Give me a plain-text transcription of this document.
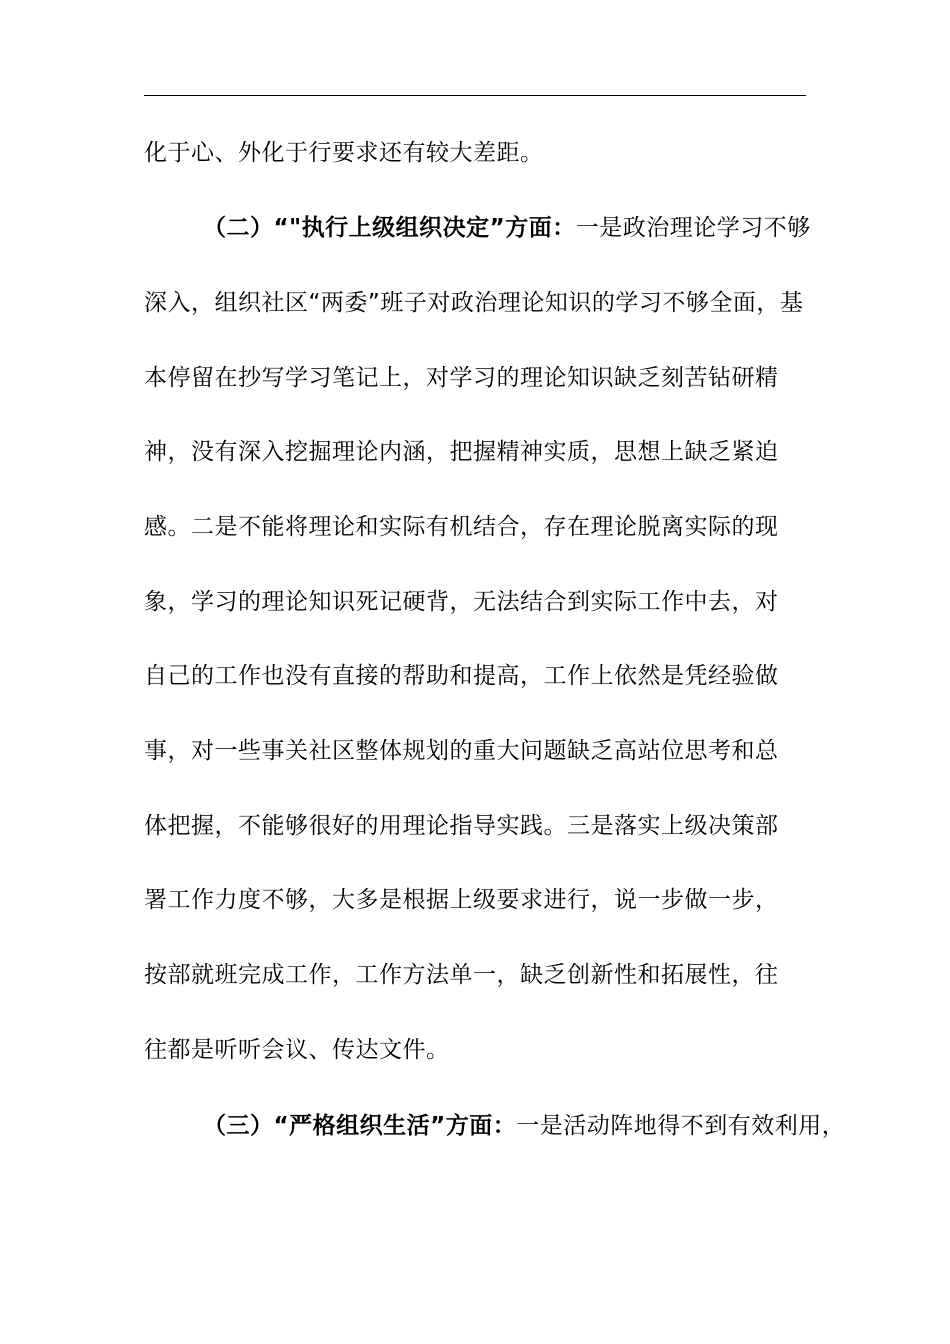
化于心、外化于行要求还有较大差距。
（二）“"执行上级组织决定”方面：一是政治理论学习不够
深入，组织社区“两委”班子对政治理论知识的学习不够全面，基
本停留在抄写学习笔记上，对学习的理论知识缺乏刻苦钻研精
神，没有深入挖掘理论内涵，把握精神实质，思想上缺乏紧迫
感。二是不能将理论和实际有机结合，存在理论脱离实际的现
象，学习的理论知识死记硬背，无法结合到实际工作中去，对
自己的工作也没有直接的帮助和提高，工作上依然是凭经验做
事，对一些事关社区整体规划的重大问题缺乏高站位思考和总
体把握，不能够很好的用理论指导实践。三是落实上级决策部
署工作力度不够，大多是根据上级要求进行，说一步做一步，
按部就班完成工作，工作方法单一，缺乏创新性和拓展性，往
往都是听听会议、传达文件。
（三）“严格组织生活”方面：一是活动阵地得不到有效利用，
